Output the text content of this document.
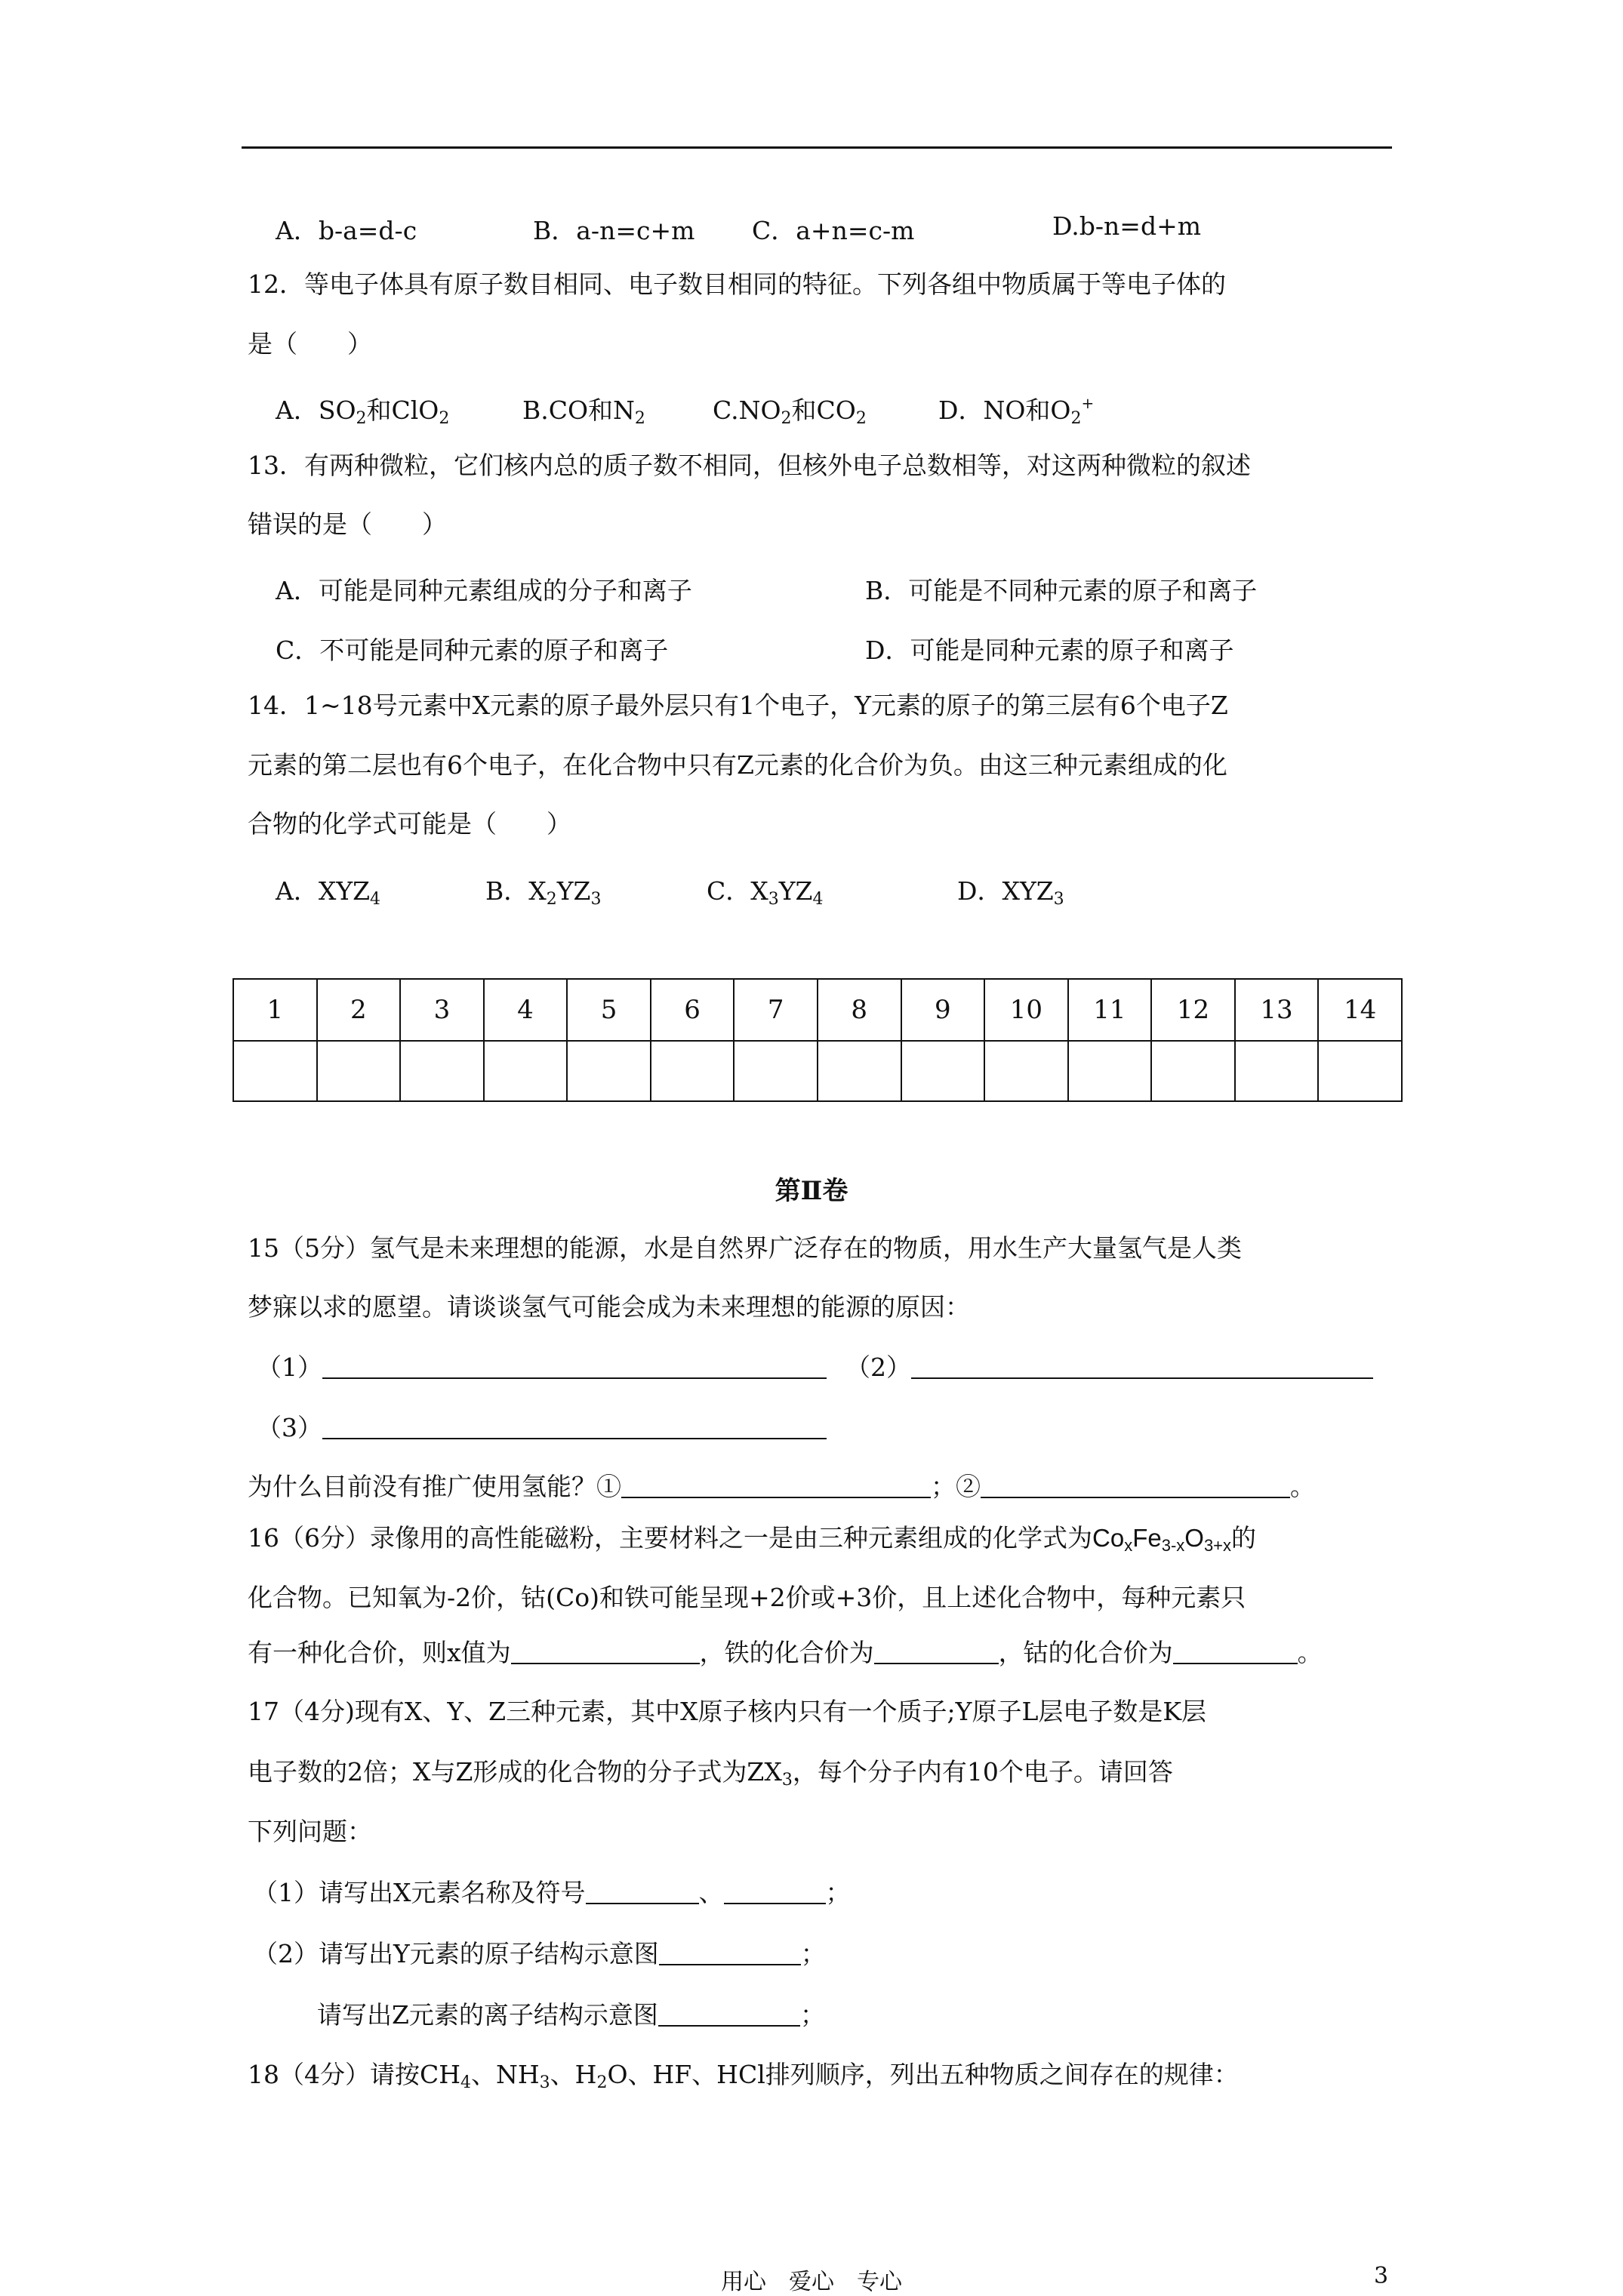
A．b-a=d-c	B．a-n=c+m C．a+n=c-m	D.b-n=d+m
12．等电子体具有原子数目相同、电子数目相同的特征。下列各组中物质属于等电子体的
是（　　）
A．$SO_2$和ClO$_2$	B.CO和$N_2$	$C.NO_2$和$CO_2$	D．NO和$O_2^+$
13．有两种微粒，它们核内总的质子数不相同，但核外电子总数相等，对这两种微粒的叙述
错误的是（　　）
A．可能是同种元素组成的分子和离子	B．可能是不同种元素的原子和离子
C．不可能是同种元素的原子和离子	D．可能是同种元素的原子和离子
14．1~18号元素中X元素的原子最外层只有1个电子，Y元素的原子的第三层有6个电子Z
元素的第二层也有6个电子，在化合物中只有Z元素的化合价为负。由这三种元素组成的化
合物的化学式可能是（　　）
A．$XYZ_4$	B．$X_2YZ_3$	C．$X_3YZ_4$	D．$XYZ_3$
1	2	3	4	5	6	7	8	9	10	11	12	13	14

第Ⅱ卷
15（5分）氢气是未来理想的能源，水是自然界广泛存在的物质，用水生产大量氢气是人类
梦寐以求的愿望。请谈谈氢气可能会成为未来理想的能源的原因：
（1）	（2）
（3）
为什么目前没有推广使用氢能？①	；②	。
16（6分）录像用的高性能磁粉，主要材料之一是由三种元素组成的化学式为$Co_xFe_{3-x}O_{3+x}$的
化合物。已知氧为-2价，钴(Co)和铁可能呈现+2价或+3价，且上述化合物中，每种元素只
有一种化合价，则x值为	，铁的化合价为	，钴的化合价为	。
17（4分)现有X、Y、Z三种元素，其中X原子核内只有一个质子;Y原子L层电子数是K层
电子数的2倍；X与Z形成的化合物的分子式为$ZX_3$，每个分子内有10个电子。请回答
下列问题：
（1）请写出X元素名称及符号	、	；
（2）请写出Y元素的原子结构示意图	；
请写出Z元素的离子结构示意图	；
18（4分）请按$CH_4$、$NH_3$、$H_2O$、HF、HCl排列顺序，列出五种物质之间存在的规律：
用心　爱心　专心	3
